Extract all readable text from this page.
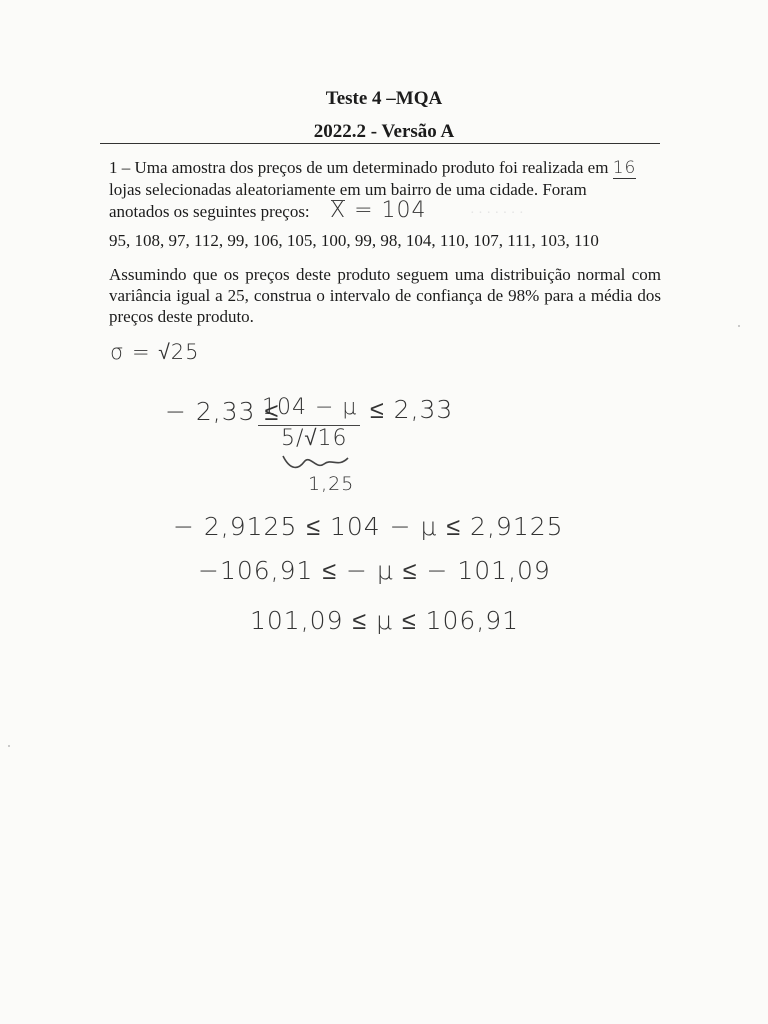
Teste 4 –MQA
2022.2 - Versão A
1 – Uma amostra dos preços de um determinado produto foi realizada em 16
lojas selecionadas aleatoriamente em um bairro de uma cidade. Foram
anotados os seguintes preços: X = 104	· · · · · · ·
95, 108, 97, 112, 99, 106, 105, 100, 99, 98, 104, 110, 107, 111, 103, 110
Assumindo que os preços deste produto seguem uma distribuição normal com variância igual a 25, construa o intervalo de confiança de 98% para a média dos preços deste produto.
σ = √25
− 2,33 ≤
104 − μ
5/√16
≤ 2,33
1,25
− 2,9125 ≤ 104 − μ ≤ 2,9125
−106,91 ≤ − μ ≤ − 101,09
101,09 ≤ μ ≤ 106,91
